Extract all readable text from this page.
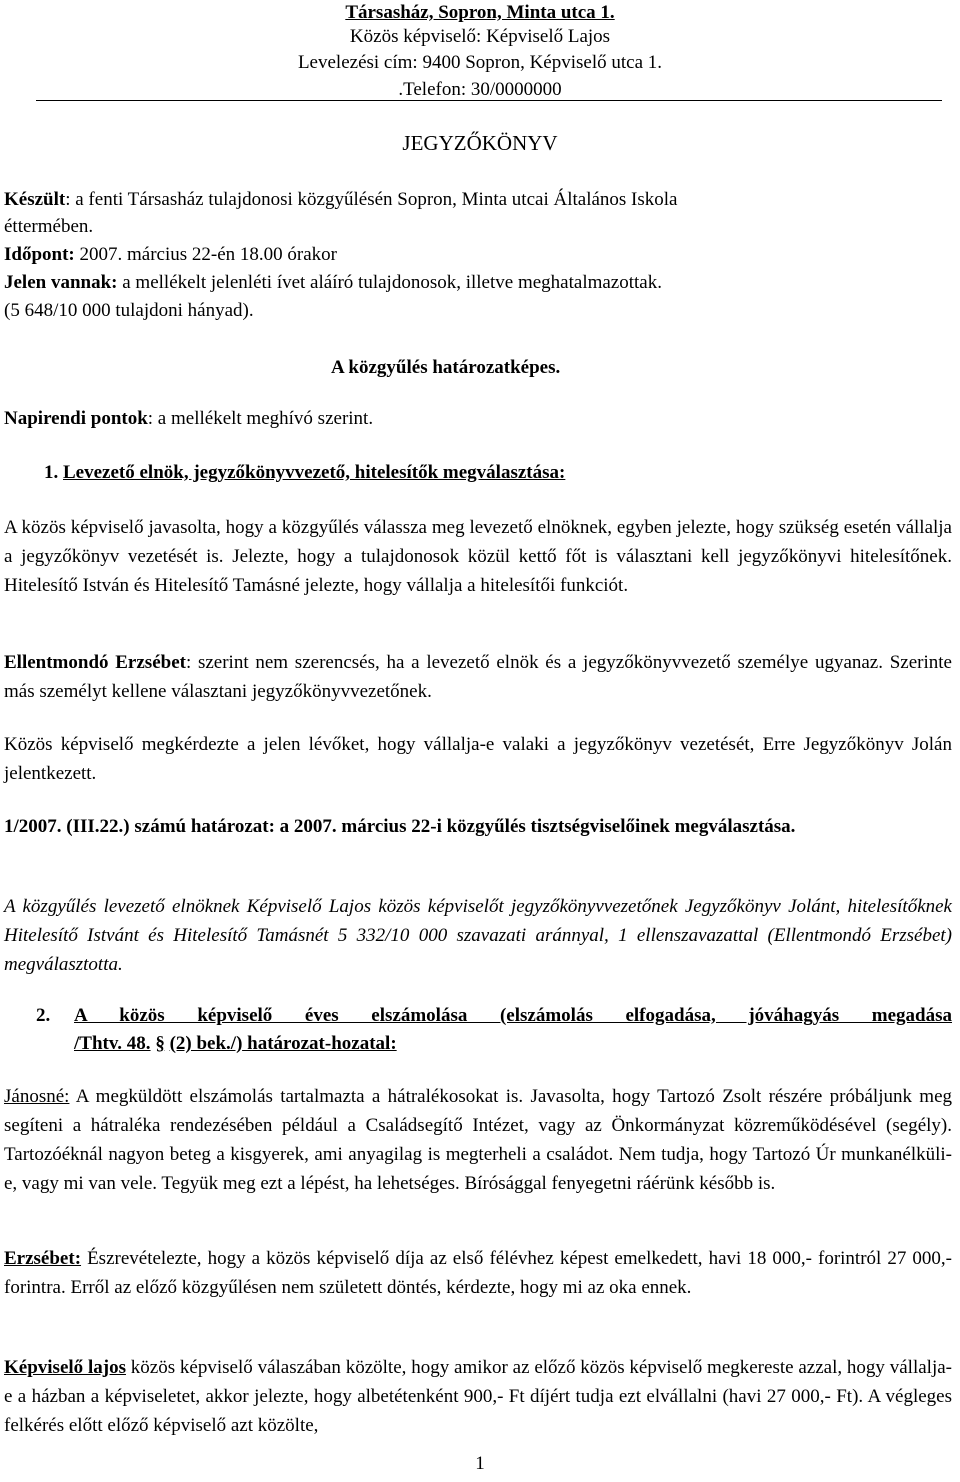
Társasház, Sopron, Minta utca 1.
Közös képviselő: Képviselő Lajos
Levelezési cím: 9400 Sopron, Képviselő utca 1.
.Telefon: 30/0000000
JEGYZŐKÖNYV
Készült: a fenti Társasház tulajdonosi közgyűlésén Sopron, Minta utcai Általános Iskola
éttermében.
Időpont: 2007. március 22-én 18.00 órakor
Jelen vannak: a mellékelt jelenléti ívet aláíró tulajdonosok, illetve meghatalmazottak.
(5 648/10 000 tulajdoni hányad).
A közgyűlés határozatképes.
Napirendi pontok: a mellékelt meghívó szerint.
1. Levezető elnök, jegyzőkönyvvezető, hitelesítők megválasztása:
A közös képviselő javasolta, hogy a közgyűlés válassza meg levezető elnöknek, egyben jelezte, hogy szükség esetén vállalja a jegyzőkönyv vezetését is. Jelezte, hogy a tulajdonosok közül kettő főt is választani kell jegyzőkönyvi hitelesítőnek. Hitelesítő István és Hitelesítő Tamásné jelezte, hogy vállalja a hitelesítői funkciót.
Ellentmondó Erzsébet: szerint nem szerencsés, ha a levezető elnök és a jegyzőkönyvvezető személye ugyanaz. Szerinte más személyt kellene választani jegyzőkönyvvezetőnek.
Közös képviselő megkérdezte a jelen lévőket, hogy vállalja-e valaki a jegyzőkönyv vezetését, Erre Jegyzőkönyv Jolán jelentkezett.
1/2007. (III.22.) számú határozat: a 2007. március 22-i közgyűlés tisztségviselőinek megválasztása.
A közgyűlés levezető elnöknek Képviselő Lajos közös képviselőt jegyzőkönyvvezetőnek Jegyzőkönyv Jolánt, hitelesítőknek Hitelesítő Istvánt és Hitelesítő Tamásnét 5 332/10 000 szavazati aránnyal, 1 ellenszavazattal (Ellentmondó Erzsébet) megválasztotta.
2.	A közös képviselő éves elszámolása (elszámolás elfogadása, jóváhagyás megadása
/Thtv. 48. § (2) bek./) határozat-hozatal:
Jánosné: A megküldött elszámolás tartalmazta a hátralékosokat is. Javasolta, hogy Tartozó Zsolt részére próbáljunk meg segíteni a hátraléka rendezésében például a Családsegítő Intézet, vagy az Önkormányzat közreműködésével (segély). Tartozóéknál nagyon beteg a kisgyerek, ami anyagilag is megterheli a családot. Nem tudja, hogy Tartozó Úr munkanélküli-e, vagy mi van vele. Tegyük meg ezt a lépést, ha lehetséges. Bírósággal fenyegetni ráérünk később is.
Erzsébet: Észrevételezte, hogy a közös képviselő díja az első félévhez képest emelkedett, havi 18 000,- forintról 27 000,- forintra. Erről az előző közgyűlésen nem született döntés, kérdezte, hogy mi az oka ennek.
Képviselő lajos közös képviselő válaszában közölte, hogy amikor az előző közös képviselő megkereste azzal, hogy vállalja-e a házban a képviseletet, akkor jelezte, hogy albetétenként 900,- Ft díjért tudja ezt elvállalni (havi 27 000,- Ft). A végleges felkérés előtt előző képviselő azt közölte,
1
